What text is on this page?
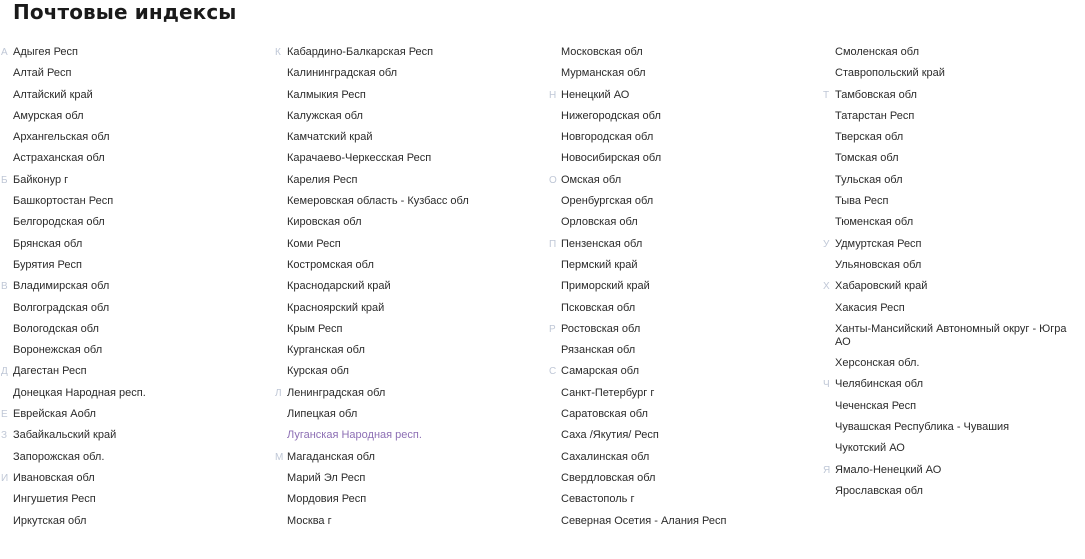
Почтовые индексы
А Адыгея Респ
Алтай Респ
Алтайский край
Амурская обл
Архангельская обл
Астраханская обл
Б Байконур г
Башкортостан Респ
Белгородская обл
Брянская обл
Бурятия Респ
В Владимирская обл
Волгоградская обл
Вологодская обл
Воронежская обл
Д Дагестан Респ
Донецкая Народная респ.
Е Еврейская Аобл
З Забайкальский край
Запорожская обл.
И Ивановская обл
Ингушетия Респ
Иркутская обл
К Кабардино-Балкарская Респ
Калининградская обл
Калмыкия Респ
Калужская обл
Камчатский край
Карачаево-Черкесская Респ
Карелия Респ
Кемеровская область - Кузбасс обл
Кировская обл
Коми Респ
Костромская обл
Краснодарский край
Красноярский край
Крым Респ
Курганская обл
Курская обл
Л Ленинградская обл
Липецкая обл
Луганская Народная респ.
М Магаданская обл
Марий Эл Респ
Мордовия Респ
Москва г
Московская обл
Мурманская обл
Н Ненецкий АО
Нижегородская обл
Новгородская обл
Новосибирская обл
О Омская обл
Оренбургская обл
Орловская обл
П Пензенская обл
Пермский край
Приморский край
Псковская обл
Р Ростовская обл
Рязанская обл
С Самарская обл
Санкт-Петербург г
Саратовская обл
Саха /Якутия/ Респ
Сахалинская обл
Свердловская обл
Севастополь г
Северная Осетия - Алания Респ
Смоленская обл
Ставропольский край
Т Тамбовская обл
Татарстан Респ
Тверская обл
Томская обл
Тульская обл
Тыва Респ
Тюменская обл
У Удмуртская Респ
Ульяновская обл
Х Хабаровский край
Хакасия Респ
Ханты-Мансийский Автономный округ - Югра АО
Херсонская обл.
Ч Челябинская обл
Чеченская Респ
Чувашская Республика - Чувашия
Чукотский АО
Я Ямало-Ненецкий АО
Ярославская обл
